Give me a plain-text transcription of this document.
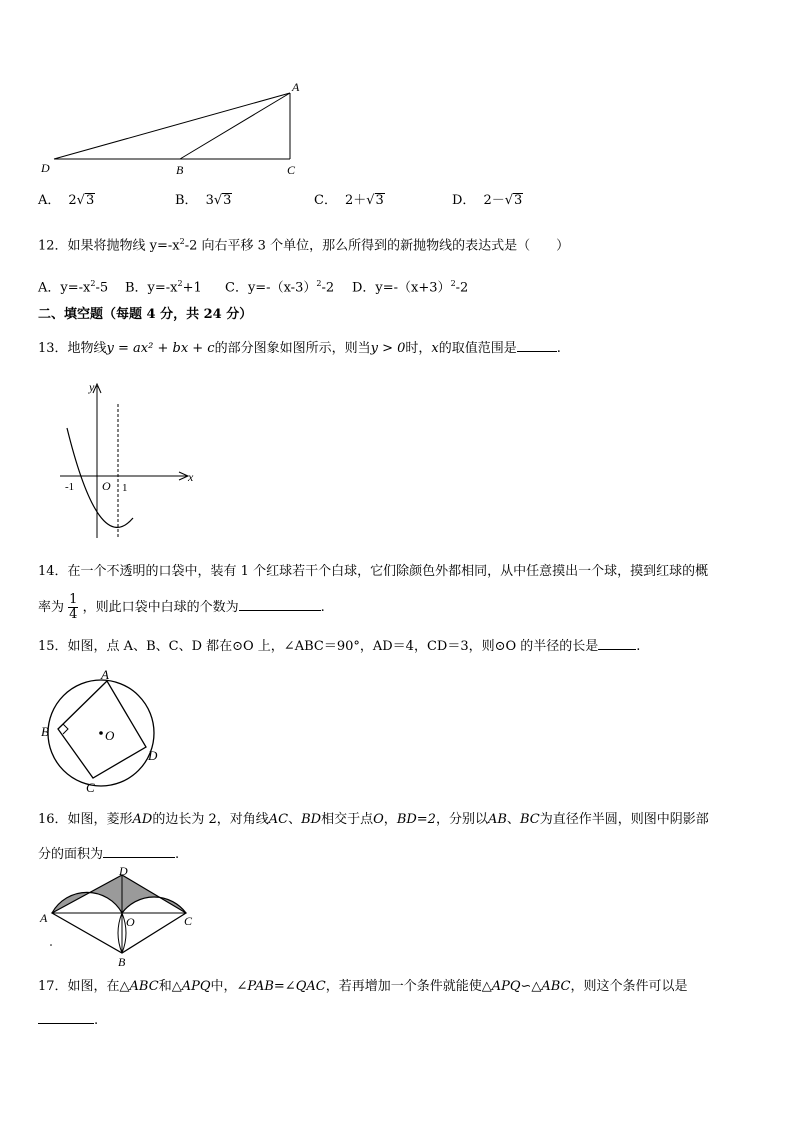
A
D	B	C
A． 2√3	B． 3√3	C． 2＋√3	D． 2－√3
12．如果将抛物线 $y=-x^2-2$ 向右平移 3 个单位，那么所得到的新抛物线的表达式是（　　）
A．$y=-x^2-5$ B．$y=-x^2+1$ C．$y=-(x-3)^2-2$ D．$y=-(x+3)^2-2$
二、填空题（每题 4 分，共 24 分）
13．地物线y = ax² + bx + c的部分图象如图所示，则当y > 0时，x的取值范围是	.
y
x
O
-1	1
14．在一个不透明的口袋中，装有 1 个红球若干个白球，它们除颜色外都相同，从中任意摸出一个球，摸到红球的概
率为 $\frac{1}{4}$ ，则此口袋中白球的个数为	.
15．如图，点 A、B、C、D 都在⊙O 上，∠ABC＝90°，AD＝4，CD＝3，则⊙O 的半径的长是	.
A
B
C
D
O
16．如图，菱形AD的边长为 2，对角线AC、BD相交于点O，BD=2，分别以AB、BC为直径作半圆，则图中阴影部
分的面积为	.
D
A	C
B
O
17．如图，在△ABC和△APQ中，∠PAB=∠QAC，若再增加一个条件就能使△APQ∽△ABC，则这个条件可以是
.
